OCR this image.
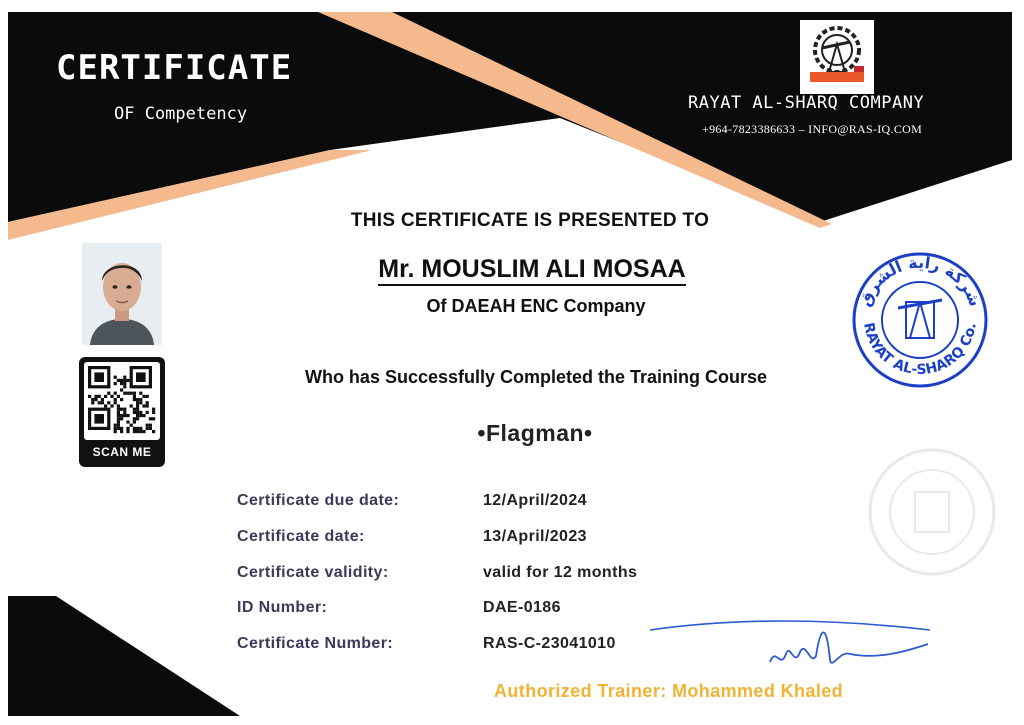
CERTIFICATE
OF Competency
RAYAT AL-SHARQ COMPANY
+964-7823386633 – INFO@RAS-IQ.COM
SCAN ME
شركة راية الشرق
RAYAT AL-SHARQ Co.
THIS CERTIFICATE IS PRESENTED TO
Mr. MOUSLIM ALI MOSAA
Of DAEAH ENC Company
Who has Successfully Completed the Training Course
•Flagman•
Certificate due date:	12/April/2024
Certificate date:	13/April/2023
Certificate validity:	valid for 12 months
ID Number:	DAE-0186
Certificate Number:	RAS-C-23041010
Authorized Trainer: Mohammed Khaled
